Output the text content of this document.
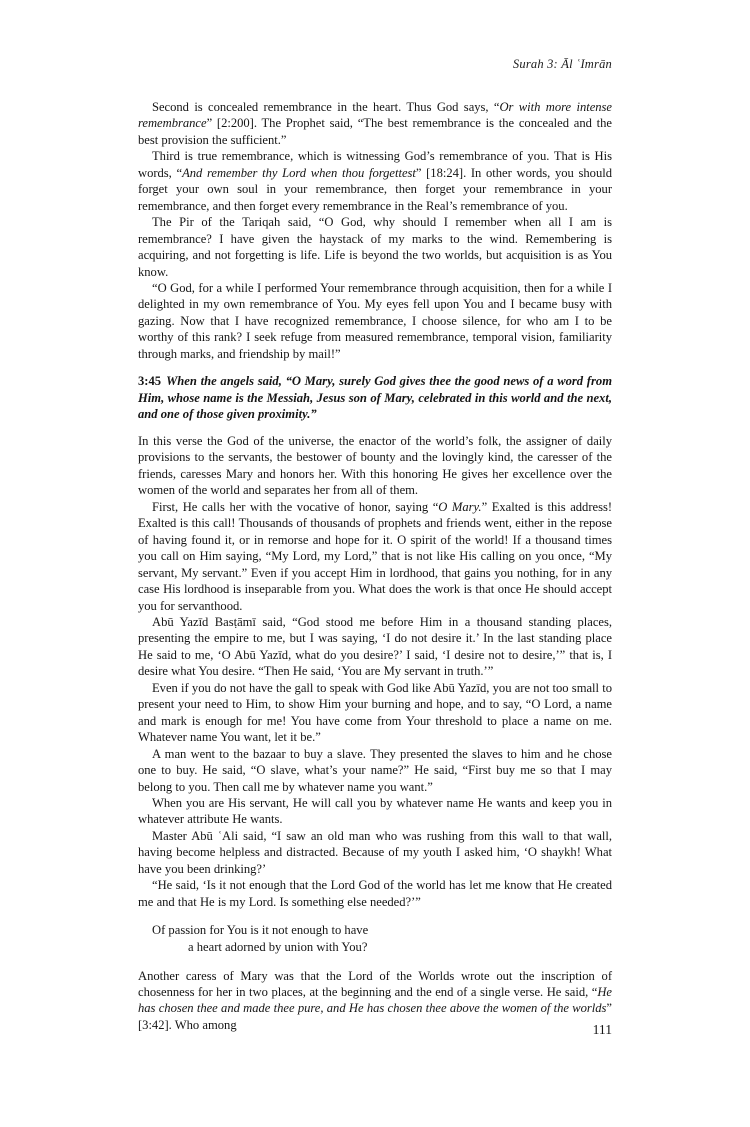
Surah 3: Āl ʿImrān

Second is concealed remembrance in the heart. Thus God says, “Or with more intense remembrance” [2:200]. The Prophet said, “The best remembrance is the concealed and the best provision the sufficient.”

Third is true remembrance, which is witnessing God’s remembrance of you. That is His words, “And remember thy Lord when thou forgettest” [18:24]. In other words, you should forget your own soul in your remembrance, then forget your remembrance in your remembrance, and then forget every remembrance in the Real’s remembrance of you.

The Pir of the Tariqah said, “O God, why should I remember when all I am is remembrance? I have given the haystack of my marks to the wind. Remembering is acquiring, and not forgetting is life. Life is beyond the two worlds, but acquisition is as You know.

“O God, for a while I performed Your remembrance through acquisition, then for a while I delighted in my own remembrance of You. My eyes fell upon You and I became busy with gazing. Now that I have recognized remembrance, I choose silence, for who am I to be worthy of this rank? I seek refuge from measured remembrance, temporal vision, familiarity through marks, and friendship by mail!”

3:45 When the angels said, “O Mary, surely God gives thee the good news of a word from Him, whose name is the Messiah, Jesus son of Mary, celebrated in this world and the next, and one of those given proximity.”

In this verse the God of the universe, the enactor of the world’s folk, the assigner of daily provisions to the servants, the bestower of bounty and the lovingly kind, the caresser of the friends, caresses Mary and honors her. With this honoring He gives her excellence over the women of the world and separates her from all of them.

First, He calls her with the vocative of honor, saying “O Mary.” Exalted is this address! Exalted is this call! Thousands of thousands of prophets and friends went, either in the repose of having found it, or in remorse and hope for it. O spirit of the world! If a thousand times you call on Him saying, “My Lord, my Lord,” that is not like His calling on you once, “My servant, My servant.” Even if you accept Him in lordhood, that gains you nothing, for in any case His lordhood is inseparable from you. What does the work is that once He should accept you for servanthood.

Abū Yazīd Basṭāmī said, “God stood me before Him in a thousand standing places, presenting the empire to me, but I was saying, ‘I do not desire it.’ In the last standing place He said to me, ‘O Abū Yazīd, what do you desire?’ I said, ‘I desire not to desire,’” that is, I desire what You desire. “Then He said, ‘You are My servant in truth.’”

Even if you do not have the gall to speak with God like Abū Yazīd, you are not too small to present your need to Him, to show Him your burning and hope, and to say, “O Lord, a name and mark is enough for me! You have come from Your threshold to place a name on me. Whatever name You want, let it be.”

A man went to the bazaar to buy a slave. They presented the slaves to him and he chose one to buy. He said, “O slave, what’s your name?” He said, “First buy me so that I may belong to you. Then call me by whatever name you want.”

When you are His servant, He will call you by whatever name He wants and keep you in whatever attribute He wants.

Master Abū ʿAli said, “I saw an old man who was rushing from this wall to that wall, having become helpless and distracted. Because of my youth I asked him, ‘O shaykh! What have you been drinking?’

“He said, ‘Is it not enough that the Lord God of the world has let me know that He created me and that He is my Lord. Is something else needed?’”

Of passion for You is it not enough to have
a heart adorned by union with You?

Another caress of Mary was that the Lord of the Worlds wrote out the inscription of chosenness for her in two places, at the beginning and the end of a single verse. He said, “He has chosen thee and made thee pure, and He has chosen thee above the women of the worlds” [3:42]. Who among	111
